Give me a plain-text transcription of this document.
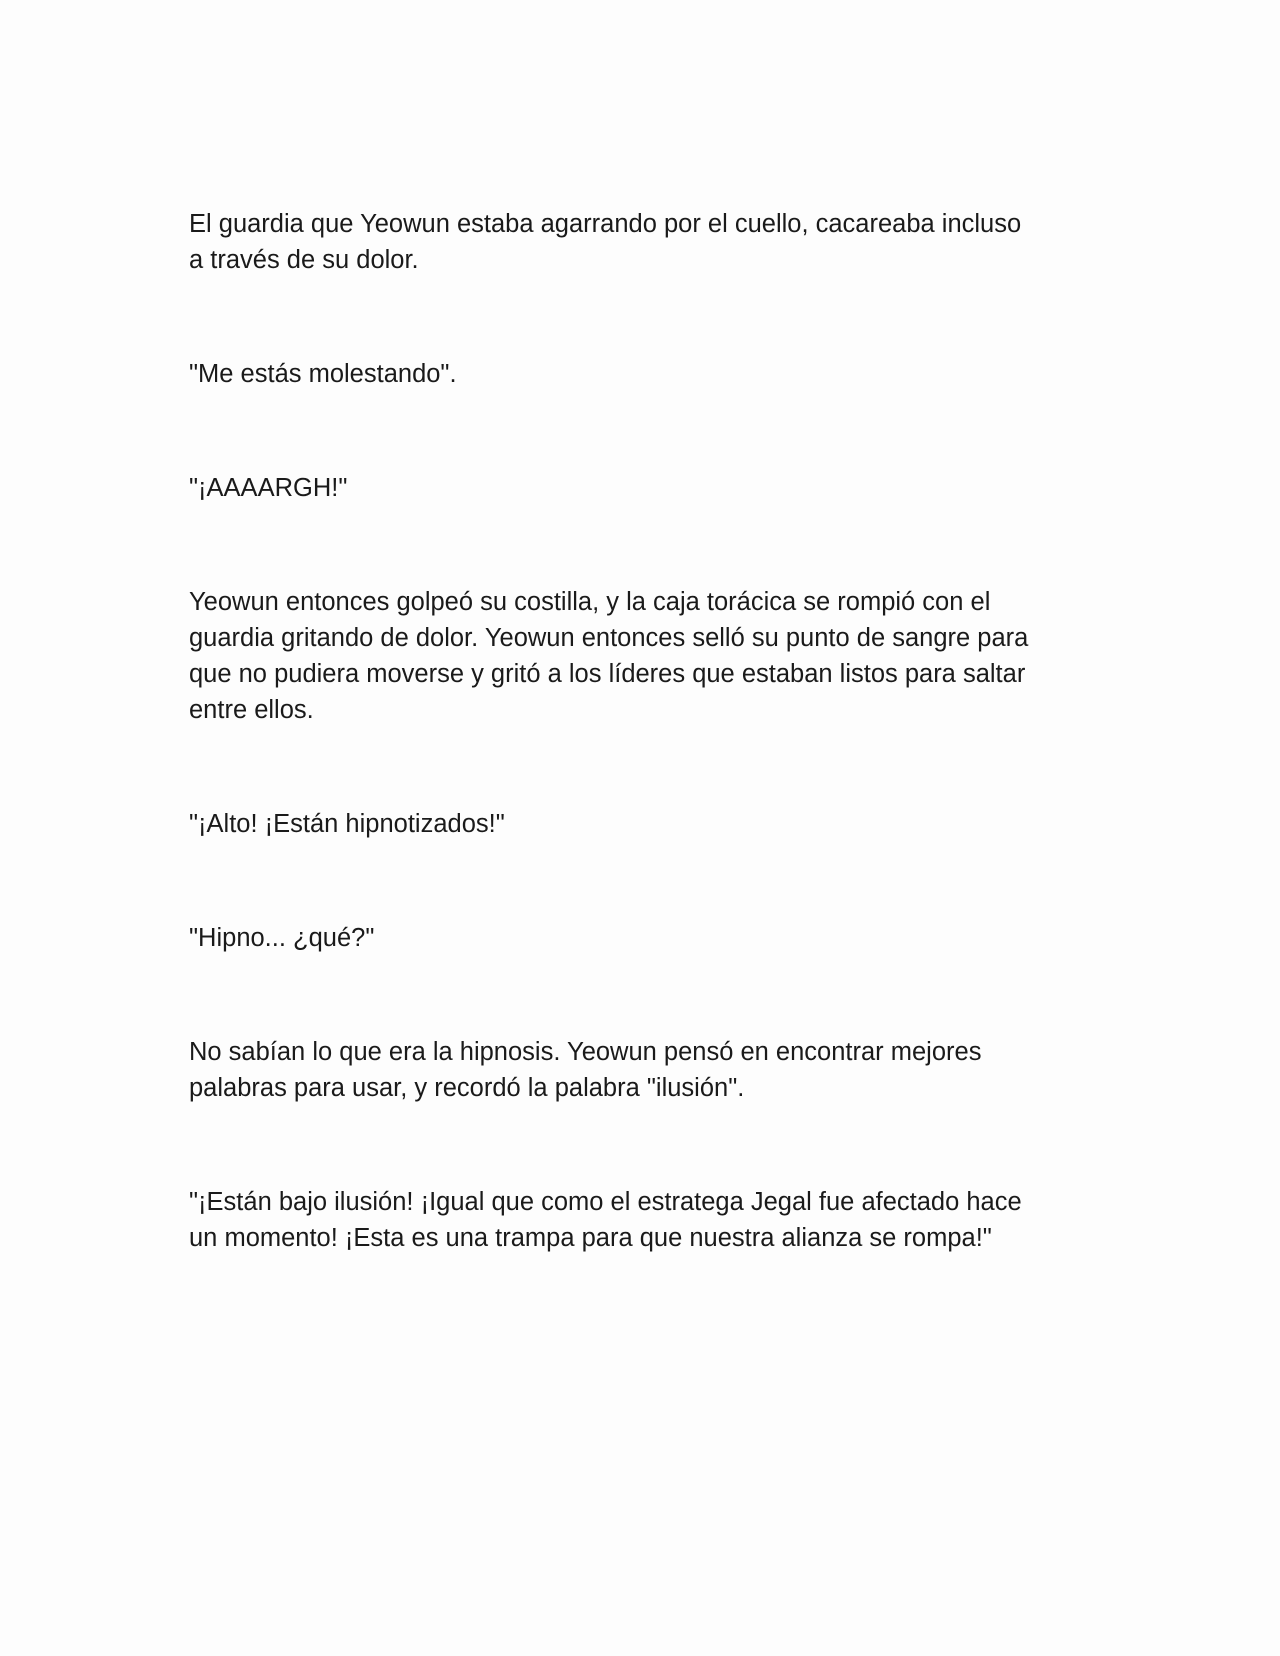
El guardia que Yeowun estaba agarrando por el cuello, cacareaba incluso
a través de su dolor.

"Me estás molestando".

"¡AAAARGH!"

Yeowun entonces golpeó su costilla, y la caja torácica se rompió con el
guardia gritando de dolor. Yeowun entonces selló su punto de sangre para
que no pudiera moverse y gritó a los líderes que estaban listos para saltar
entre ellos.

"¡Alto! ¡Están hipnotizados!"

"Hipno... ¿qué?"

No sabían lo que era la hipnosis. Yeowun pensó en encontrar mejores
palabras para usar, y recordó la palabra "ilusión".

"¡Están bajo ilusión! ¡Igual que como el estratega Jegal fue afectado hace
un momento! ¡Esta es una trampa para que nuestra alianza se rompa!"
